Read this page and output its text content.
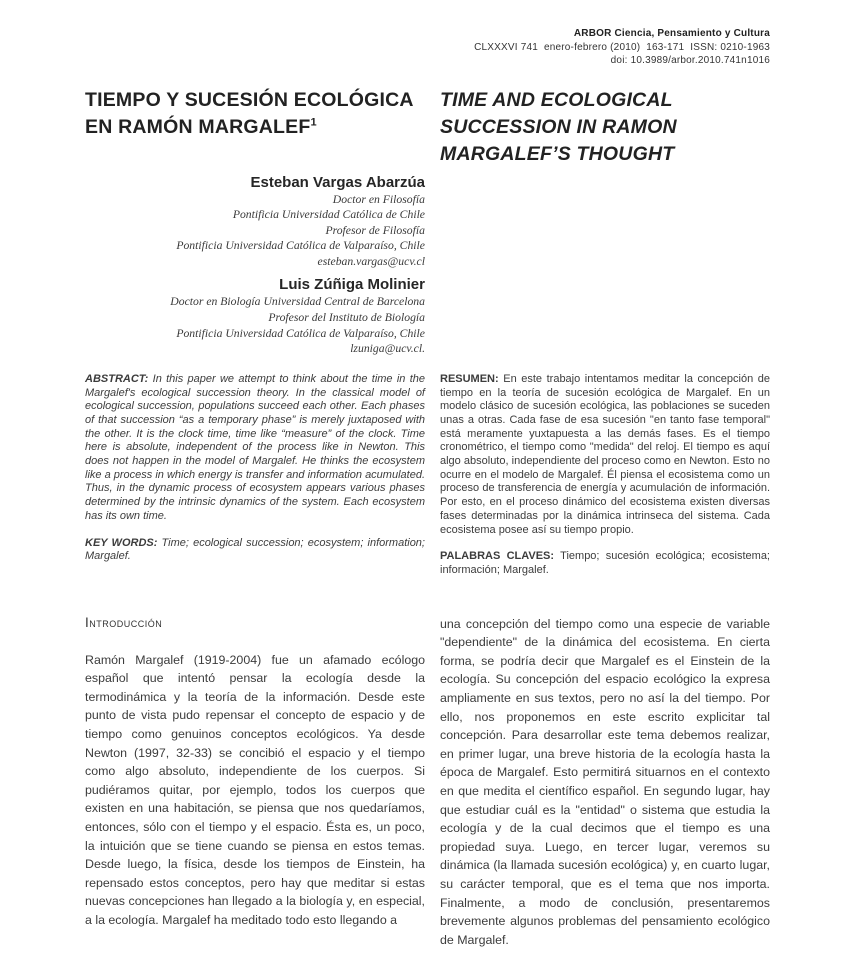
ARBOR Ciencia, Pensamiento y Cultura
CLXXXVI 741  enero-febrero (2010)  163-171  ISSN: 0210-1963
doi: 10.3989/arbor.2010.741n1016
TIEMPO Y SUCESIÓN ECOLÓGICA
EN RAMÓN MARGALEF$^1$
TIME AND ECOLOGICAL
SUCCESSION IN RAMON
MARGALEF’S THOUGHT
Esteban Vargas Abarzúa
Doctor en Filosofía
Pontificia Universidad Católica de Chile
Profesor de Filosofía
Pontificia Universidad Católica de Valparaíso, Chile
esteban.vargas@ucv.cl
Luis Zúñiga Molinier
Doctor en Biología Universidad Central de Barcelona
Profesor del Instituto de Biología
Pontificia Universidad Católica de Valparaíso, Chile
lzuniga@ucv.cl.

ABSTRACT: In this paper we attempt to think about the time in the Margalef's ecological succession theory. In the classical model of ecological succession, populations succeed each other. Each phases of that succession “as a temporary phase” is merely juxtaposed with the other. It is the clock time, time like “measure” of the clock. Time here is absolute, independent of the process like in Newton. This does not happen in the model of Margalef. He thinks the ecosystem like a process in which energy is transfer and information acumulated. Thus, in the dynamic process of ecosystem appears various phases determined by the intrinsic dynamics of the system. Each ecosystem has its own time.

KEY WORDS: Time; ecological succession; ecosystem; information; Margalef.

RESUMEN: En este trabajo intentamos meditar la concepción de tiempo en la teoría de sucesión ecológica de Margalef. En un modelo clásico de sucesión ecológica, las poblaciones se suceden unas a otras. Cada fase de esa sucesión "en tanto fase temporal" está meramente yuxtapuesta a las demás fases. Es el tiempo cronométrico, el tiempo como "medida" del reloj. El tiempo es aquí algo absoluto, independiente del proceso como en Newton. Esto no ocurre en el modelo de Margalef. Él piensa el ecosistema como un proceso de transferencia de energía y acumulación de información. Por esto, en el proceso dinámico del ecosistema existen diversas fases determinadas por la dinámica intrinseca del sistema. Cada ecosistema posee así su tiempo propio.

PALABRAS CLAVES: Tiempo; sucesión ecológica; ecosistema; información; Margalef.

Introducción

Ramón Margalef (1919-2004) fue un afamado ecólogo español que intentó pensar la ecología desde la termodinámica y la teoría de la información. Desde este punto de vista pudo repensar el concepto de espacio y de tiempo como genuinos conceptos ecológicos. Ya desde Newton (1997, 32-33) se concibió el espacio y el tiempo como algo absoluto, independiente de los cuerpos. Si pudiéramos quitar, por ejemplo, todos los cuerpos que existen en una habitación, se piensa que nos quedaríamos, entonces, sólo con el tiempo y el espacio. Ésta es, un poco, la intuición que se tiene cuando se piensa en estos temas. Desde luego, la física, desde los tiempos de Einstein, ha repensado estos conceptos, pero hay que meditar si estas nuevas concepciones han llegado a la biología y, en especial, a la ecología. Margalef ha meditado todo esto llegando a

una concepción del tiempo como una especie de variable "dependiente" de la dinámica del ecosistema. En cierta forma, se podría decir que Margalef es el Einstein de la ecología. Su concepción del espacio ecológico la expresa ampliamente en sus textos, pero no así la del tiempo. Por ello, nos proponemos en este escrito explicitar tal concepción. Para desarrollar este tema debemos realizar, en primer lugar, una breve historia de la ecología hasta la época de Margalef. Esto permitirá situarnos en el contexto en que medita el científico español. En segundo lugar, hay que estudiar cuál es la "entidad" o sistema que estudia la ecología y de la cual decimos que el tiempo es una propiedad suya. Luego, en tercer lugar, veremos su dinámica (la llamada sucesión ecológica) y, en cuarto lugar, su carácter temporal, que es el tema que nos importa. Finalmente, a modo de conclusión, presentaremos brevemente algunos problemas del pensamiento ecológico de Margalef.
